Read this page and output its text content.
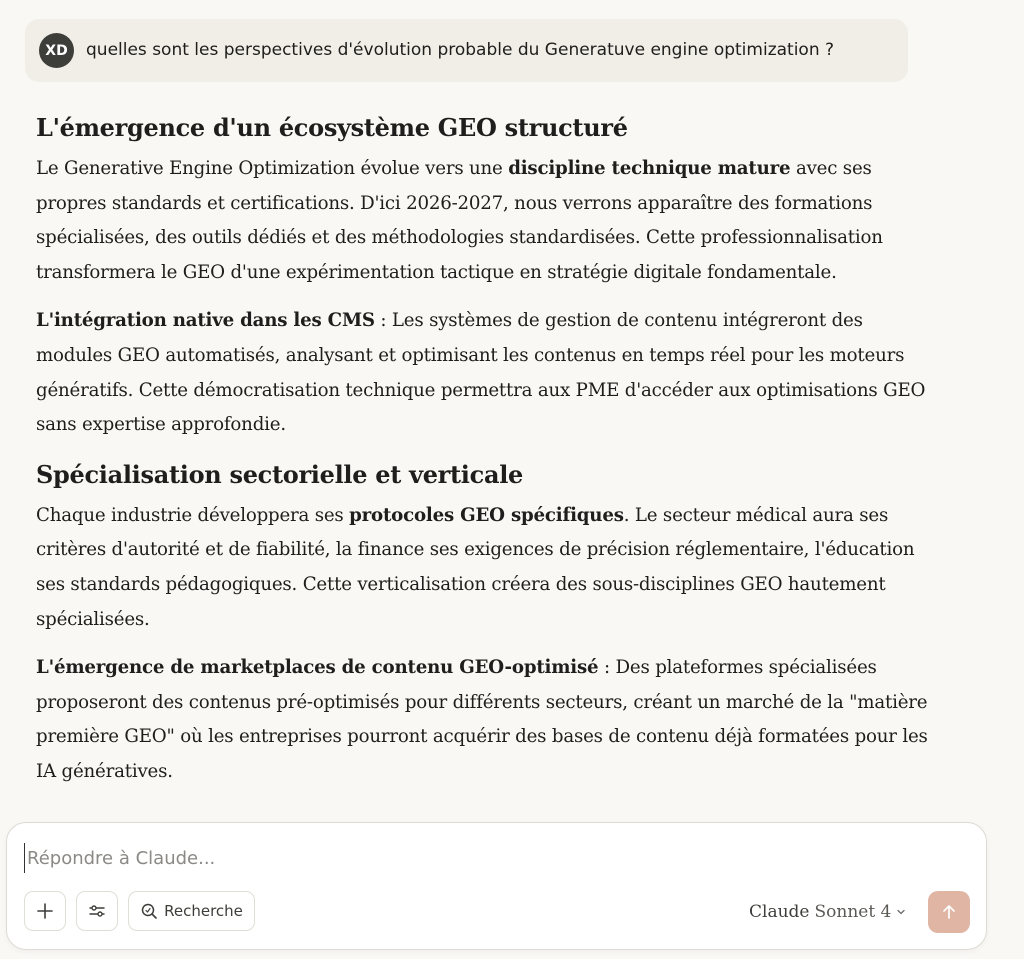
XD	quelles sont les perspectives d'évolution probable du Generatuve engine optimization ?
L'émergence d'un écosystème GEO structuré

Le Generative Engine Optimization évolue vers une discipline technique mature avec ses propres standards et certifications. D'ici 2026-2027, nous verrons apparaître des formations spécialisées, des outils dédiés et des méthodologies standardisées. Cette professionnalisation transformera le GEO d'une expérimentation tactique en stratégie digitale fondamentale.

L'intégration native dans les CMS : Les systèmes de gestion de contenu intégreront des modules GEO automatisés, analysant et optimisant les contenus en temps réel pour les moteurs génératifs. Cette démocratisation technique permettra aux PME d'accéder aux optimisations GEO sans expertise approfondie.

Spécialisation sectorielle et verticale

Chaque industrie développera ses protocoles GEO spécifiques. Le secteur médical aura ses critères d'autorité et de fiabilité, la finance ses exigences de précision réglementaire, l'éducation ses standards pédagogiques. Cette verticalisation créera des sous-disciplines GEO hautement spécialisées.

L'émergence de marketplaces de contenu GEO-optimisé : Des plateformes spécialisées proposeront des contenus pré-optimisés pour différents secteurs, créant un marché de la "matière première GEO" où les entreprises pourront acquérir des bases de contenu déjà formatées pour les IA génératives.

Répondre à Claude...
Recherche	Claude Sonnet 4
